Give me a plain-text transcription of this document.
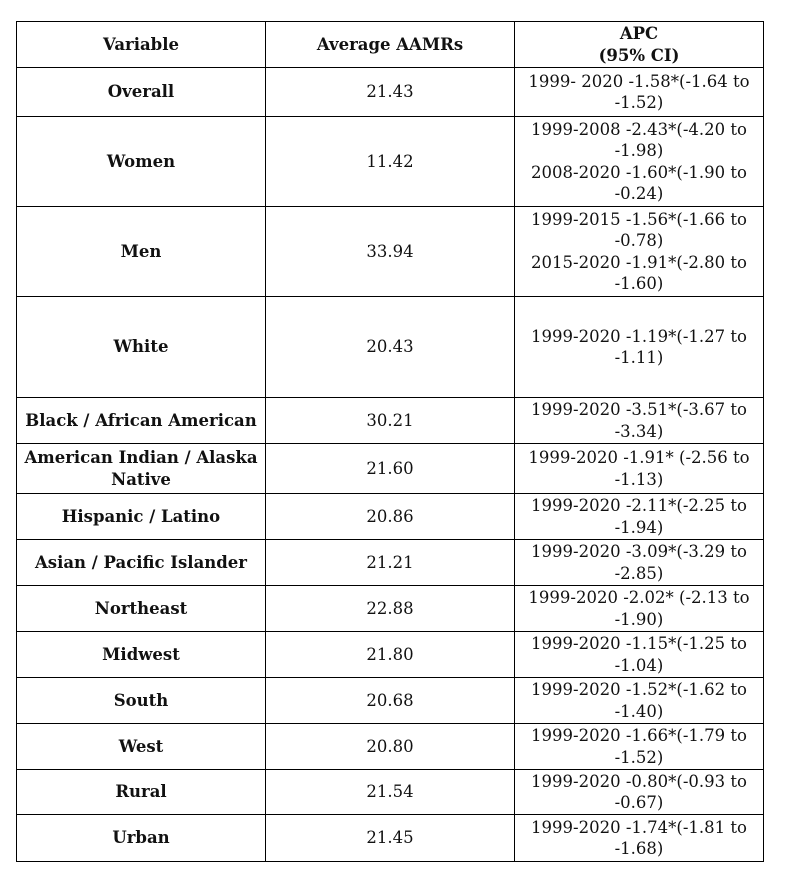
Variable	Average AAMRs	APC
(95% CI)

Overall	21.43	1999- 2020 -1.58*(-1.64 to -1.52)

Women	11.42	1999-2008 -2.43*(-4.20 to -1.98)
2008-2020 -1.60*(-1.90 to -0.24)

Men	33.94	1999-2015 -1.56*(-1.66 to -0.78)
2015-2020 -1.91*(-2.80 to -1.60)

White	20.43	1999-2020 -1.19*(-1.27 to -1.11)

Black / African American	30.21	1999-2020 -3.51*(-3.67 to -3.34)

American Indian / Alaska Native	21.60	1999-2020 -1.91* (-2.56 to -1.13)

Hispanic / Latino	20.86	1999-2020 -2.11*(-2.25 to -1.94)

Asian / Pacific Islander	21.21	1999-2020 -3.09*(-3.29 to -2.85)

Northeast	22.88	1999-2020 -2.02* (-2.13 to -1.90)

Midwest	21.80	1999-2020 -1.15*(-1.25 to -1.04)

South	20.68	1999-2020 -1.52*(-1.62 to -1.40)

West	20.80	1999-2020 -1.66*(-1.79 to -1.52)

Rural	21.54	1999-2020 -0.80*(-0.93 to -0.67)

Urban	21.45	1999-2020 -1.74*(-1.81 to -1.68)
